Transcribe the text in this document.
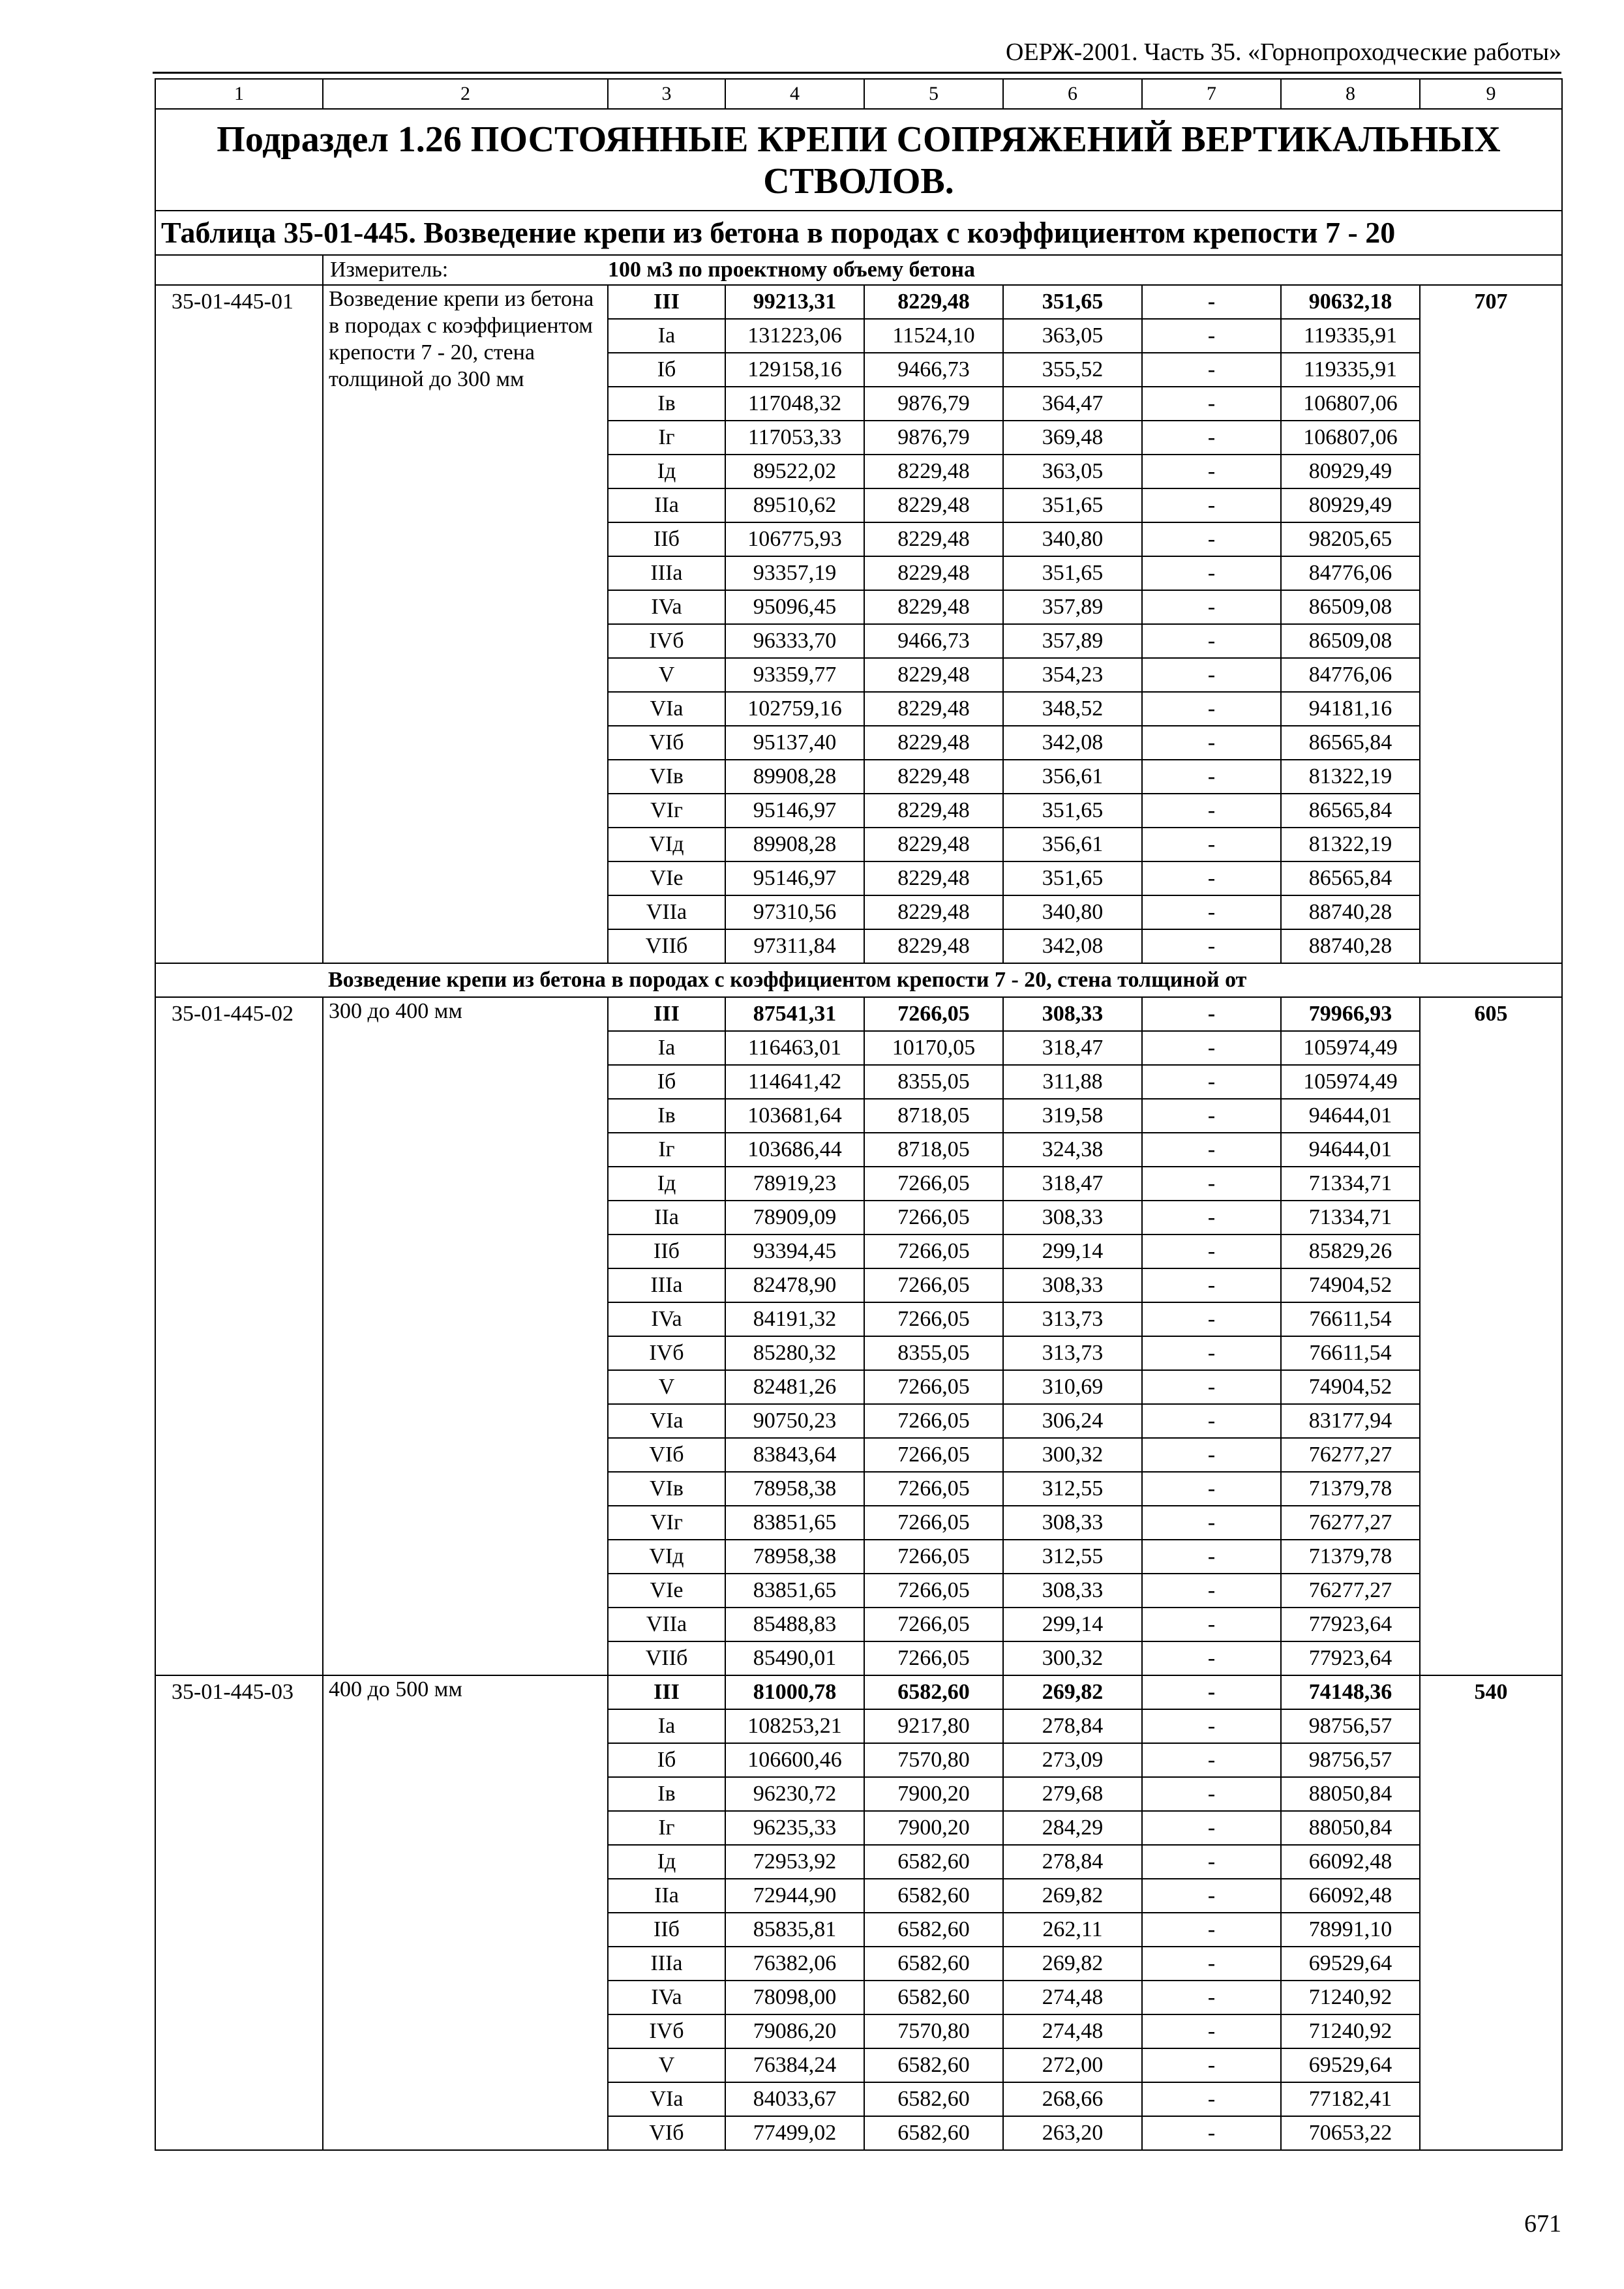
ОЕРЖ-2001. Часть 35. «Горнопроходческие работы»
1	2	3	4	5	6	7	8	9
Подраздел 1.26 ПОСТОЯННЫЕ КРЕПИ СОПРЯЖЕНИЙ ВЕРТИКАЛЬНЫХ СТВОЛОВ.								
Таблица 35-01-445. Возведение крепи из бетона в породах с коэффициентом крепости 7 - 20								
	Измеритель:	100 м3 по проектному объему бетона						
35-01-445-01	Возведение крепи из бетона в породах с коэффициентом крепости 7 - 20, стена толщиной до 300 мм	III	99213,31	8229,48	351,65	-	90632,18	707
		Ia	131223,06	11524,10	363,05	-	119335,91	
		Iб	129158,16	9466,73	355,52	-	119335,91	
		Iв	117048,32	9876,79	364,47	-	106807,06	
		Iг	117053,33	9876,79	369,48	-	106807,06	
		Iд	89522,02	8229,48	363,05	-	80929,49	
		IIa	89510,62	8229,48	351,65	-	80929,49	
		IIб	106775,93	8229,48	340,80	-	98205,65	
		IIIa	93357,19	8229,48	351,65	-	84776,06	
		IVa	95096,45	8229,48	357,89	-	86509,08	
		IVб	96333,70	9466,73	357,89	-	86509,08	
		V	93359,77	8229,48	354,23	-	84776,06	
		VIa	102759,16	8229,48	348,52	-	94181,16	
		VIб	95137,40	8229,48	342,08	-	86565,84	
		VIв	89908,28	8229,48	356,61	-	81322,19	
		VIг	95146,97	8229,48	351,65	-	86565,84	
		VIд	89908,28	8229,48	356,61	-	81322,19	
		VIe	95146,97	8229,48	351,65	-	86565,84	
		VIIa	97310,56	8229,48	340,80	-	88740,28	
		VIIб	97311,84	8229,48	342,08	-	88740,28	
	Возведение крепи из бетона в породах с коэффициентом крепости 7 - 20, стена толщиной от							
35-01-445-02	300 до 400 мм	III	87541,31	7266,05	308,33	-	79966,93	605
		Ia	116463,01	10170,05	318,47	-	105974,49	
		Iб	114641,42	8355,05	311,88	-	105974,49	
		Iв	103681,64	8718,05	319,58	-	94644,01	
		Iг	103686,44	8718,05	324,38	-	94644,01	
		Iд	78919,23	7266,05	318,47	-	71334,71	
		IIa	78909,09	7266,05	308,33	-	71334,71	
		IIб	93394,45	7266,05	299,14	-	85829,26	
		IIIa	82478,90	7266,05	308,33	-	74904,52	
		IVa	84191,32	7266,05	313,73	-	76611,54	
		IVб	85280,32	8355,05	313,73	-	76611,54	
		V	82481,26	7266,05	310,69	-	74904,52	
		VIa	90750,23	7266,05	306,24	-	83177,94	
		VIб	83843,64	7266,05	300,32	-	76277,27	
		VIв	78958,38	7266,05	312,55	-	71379,78	
		VIг	83851,65	7266,05	308,33	-	76277,27	
		VIд	78958,38	7266,05	312,55	-	71379,78	
		VIe	83851,65	7266,05	308,33	-	76277,27	
		VIIa	85488,83	7266,05	299,14	-	77923,64	
		VIIб	85490,01	7266,05	300,32	-	77923,64	
35-01-445-03	400 до 500 мм	III	81000,78	6582,60	269,82	-	74148,36	540
		Ia	108253,21	9217,80	278,84	-	98756,57	
		Iб	106600,46	7570,80	273,09	-	98756,57	
		Iв	96230,72	7900,20	279,68	-	88050,84	
		Iг	96235,33	7900,20	284,29	-	88050,84	
		Iд	72953,92	6582,60	278,84	-	66092,48	
		IIa	72944,90	6582,60	269,82	-	66092,48	
		IIб	85835,81	6582,60	262,11	-	78991,10	
		IIIa	76382,06	6582,60	269,82	-	69529,64	
		IVa	78098,00	6582,60	274,48	-	71240,92	
		IVб	79086,20	7570,80	274,48	-	71240,92	
		V	76384,24	6582,60	272,00	-	69529,64	
		VIa	84033,67	6582,60	268,66	-	77182,41	
		VIб	77499,02	6582,60	263,20	-	70653,22	
671
